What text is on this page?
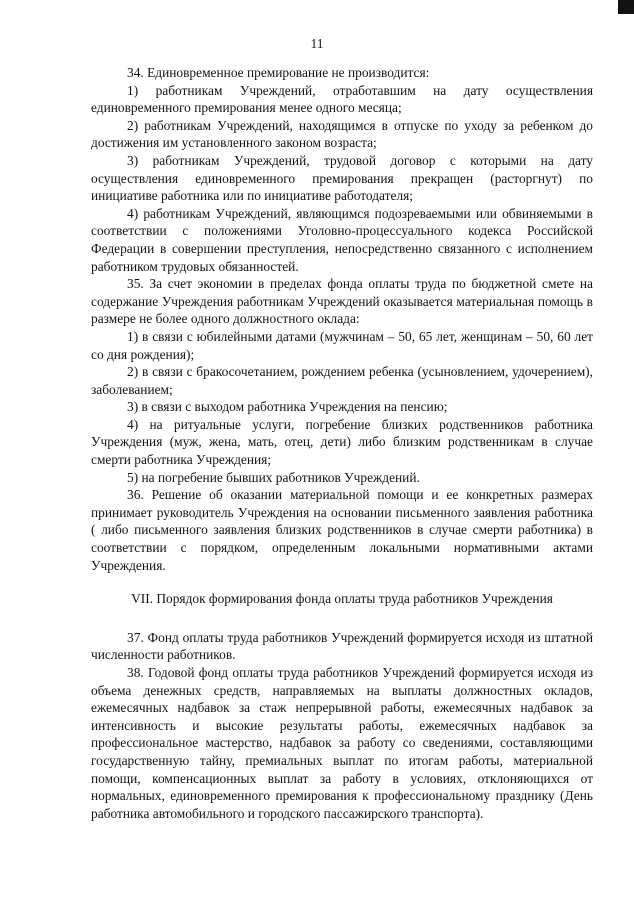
11

34. Единовременное премирование не производится:

1) работникам Учреждений, отработавшим на дату осуществления единовременного премирования менее одного месяца;

2) работникам Учреждений, находящимся в отпуске по уходу за ребенком до достижения им установленного законом возраста;

3) работникам Учреждений, трудовой договор с которыми на дату осуществления единовременного премирования прекращен (расторгнут) по инициативе работника или по инициативе работодателя;

4) работникам Учреждений, являющимся подозреваемыми или обвиняемыми в соответствии с положениями Уголовно-процессуального кодекса Российской Федерации в совершении преступления, непосредственно связанного с исполнением работником трудовых обязанностей.

35. За счет экономии в пределах фонда оплаты труда по бюджетной смете на содержание Учреждения работникам Учреждений оказывается материальная помощь в размере не более одного должностного оклада:

1) в связи с юбилейными датами (мужчинам – 50, 65 лет, женщинам – 50, 60 лет со дня рождения);

2) в связи с бракосочетанием, рождением ребенка (усыновлением, удочерением), заболеванием;

3) в связи с выходом работника Учреждения на пенсию;

4) на ритуальные услуги, погребение близких родственников работника Учреждения (муж, жена, мать, отец, дети) либо близким родственникам в случае смерти работника Учреждения;

5) на погребение бывших работников Учреждений.

36. Решение об оказании материальной помощи и ее конкретных размерах принимает руководитель Учреждения на основании письменного заявления работника ( либо письменного заявления близких родственников в случае смерти работника) в соответствии с порядком, определенным локальными нормативными актами Учреждения.

VII. Порядок формирования фонда оплаты труда работников Учреждения

37. Фонд оплаты труда работников Учреждений формируется исходя из штатной численности работников.

38. Годовой фонд оплаты труда работников Учреждений формируется исходя из объема денежных средств, направляемых на выплаты должностных окладов, ежемесячных надбавок за стаж непрерывной работы, ежемесячных надбавок за интенсивность и высокие результаты работы, ежемесячных надбавок за профессиональное мастерство, надбавок за работу со сведениями, составляющими государственную тайну, премиальных выплат по итогам работы, материальной помощи, компенсационных выплат за работу в условиях, отклоняющихся от нормальных, единовременного премирования к профессиональному празднику (День работника автомобильного и городского пассажирского транспорта).
